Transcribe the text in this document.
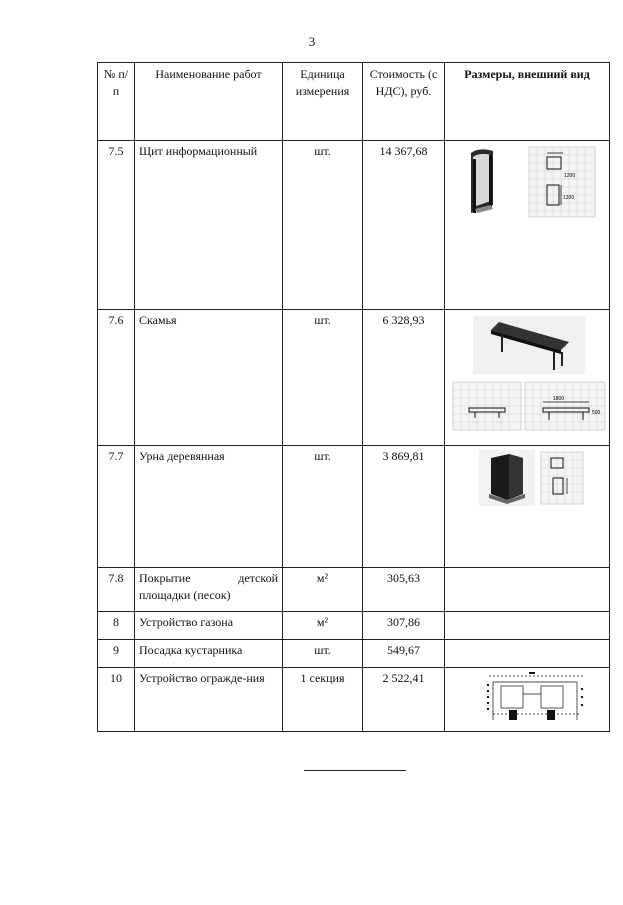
3
№ п/п	Наименование работ	Единица измерения	Стоимость (с НДС), руб.	Размеры, внешний вид
7.5	Щит информационный	шт.	14 367,68	1200
1300

7.6	Скамья	шт.	6 328,93	1800
500

7.7	Урна деревянная	шт.	3 869,81	

7.8	Покрытие детской площадки (песок)	м²	305,63	
8	Устройство газона	м²	307,86	
9	Посадка кустарника	шт.	549,67	
10	Устройство огражде-ния	1 секция	2 522,41	
